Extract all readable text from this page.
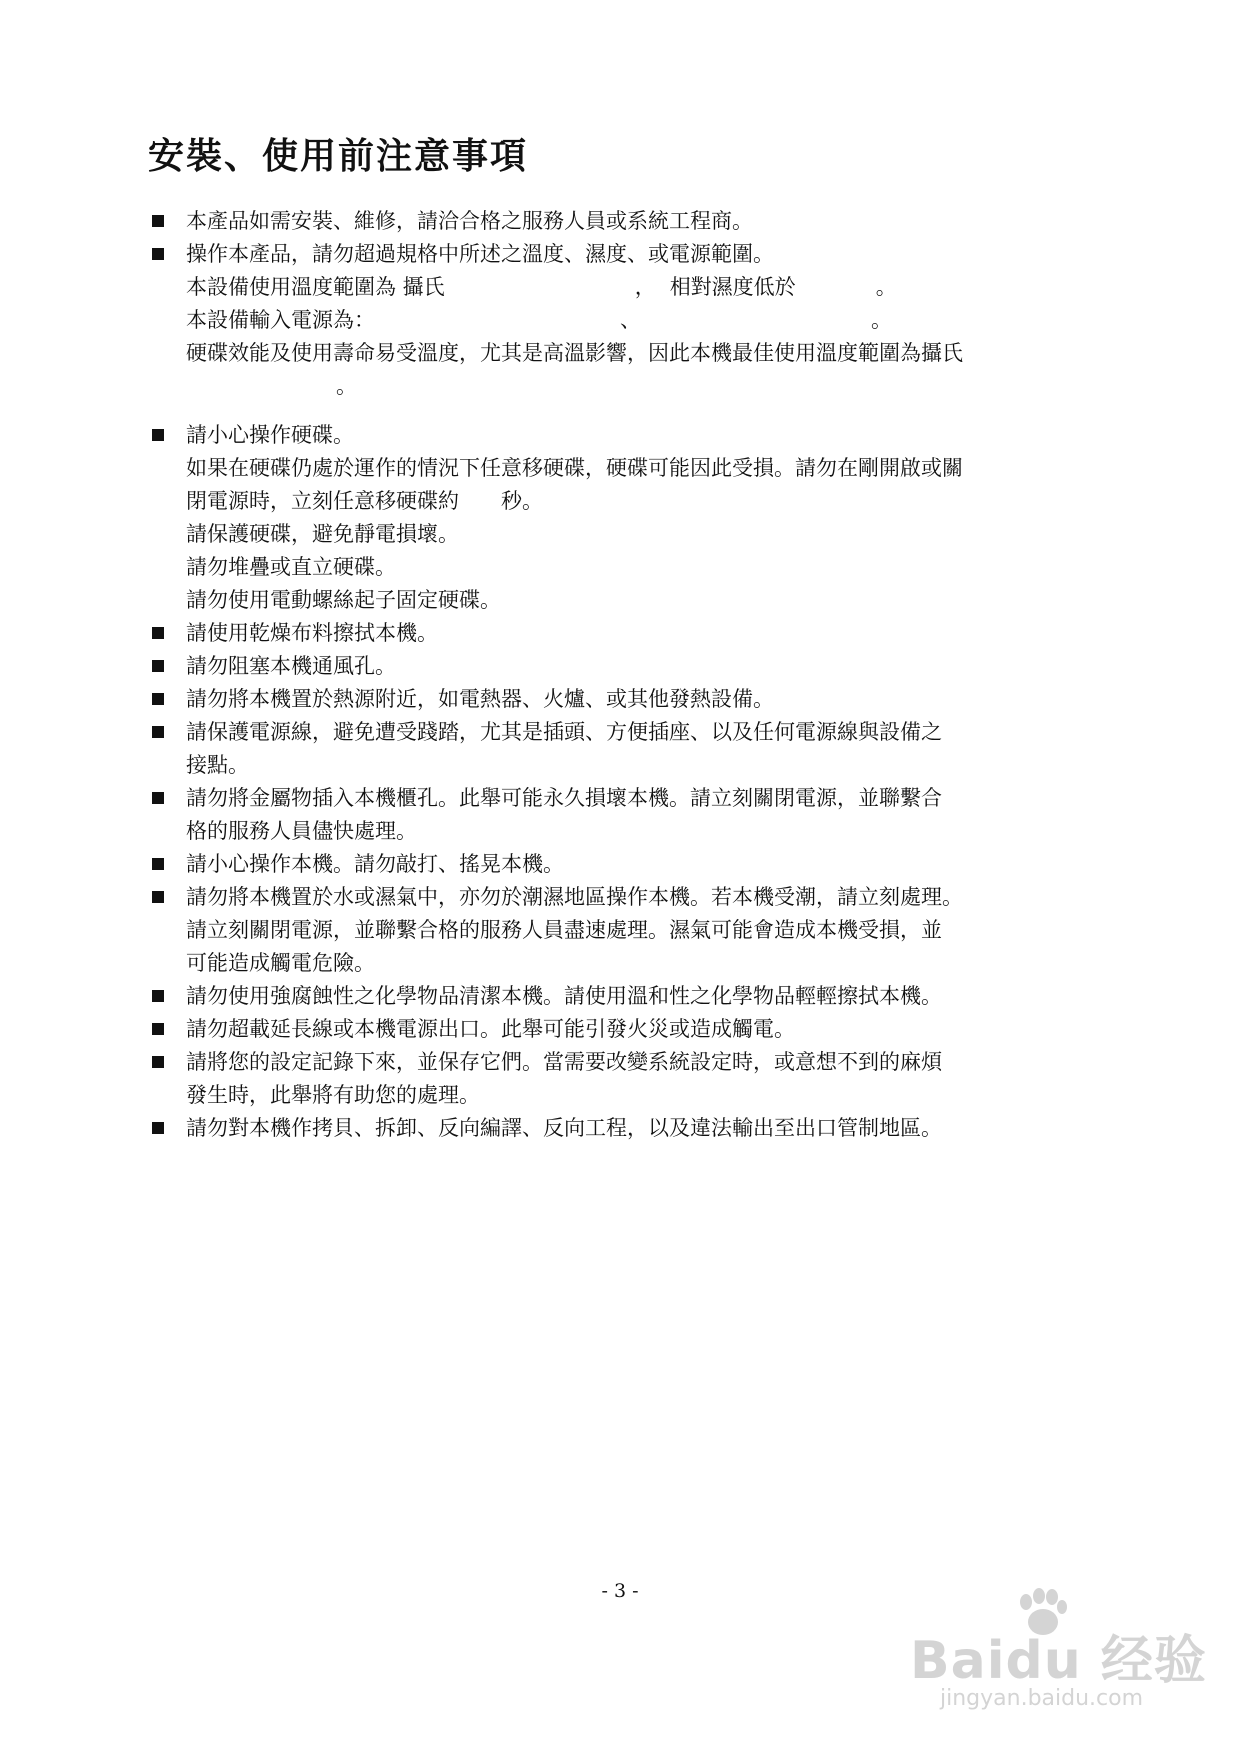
安裝、使用前注意事項
本產品如需安裝、維修，請洽合格之服務人員或系統工程商。
操作本產品，請勿超過規格中所述之溫度、濕度、或電源範圍。
本設備使用溫度範圍為 攝氏	， 相對濕度低於	。
本設備輸入電源為：	、	。
硬碟效能及使用壽命易受溫度，尤其是高溫影響，因此本機最佳使用溫度範圍為攝氏
。
請小心操作硬碟。
如果在硬碟仍處於運作的情況下任意移硬碟，硬碟可能因此受損。請勿在剛開啟或關
閉電源時，立刻任意移硬碟約　　秒。
請保護硬碟，避免靜電損壞。
請勿堆疊或直立硬碟。
請勿使用電動螺絲起子固定硬碟。
請使用乾燥布料擦拭本機。
請勿阻塞本機通風孔。
請勿將本機置於熱源附近，如電熱器、火爐、或其他發熱設備。
請保護電源線，避免遭受踐踏，尤其是插頭、方便插座、以及任何電源線與設備之
接點。
請勿將金屬物插入本機櫃孔。此舉可能永久損壞本機。請立刻關閉電源，並聯繫合
格的服務人員儘快處理。
請小心操作本機。請勿敲打、搖晃本機。
請勿將本機置於水或濕氣中，亦勿於潮濕地區操作本機。若本機受潮，請立刻處理。
請立刻關閉電源，並聯繫合格的服務人員盡速處理。濕氣可能會造成本機受損，並
可能造成觸電危險。
請勿使用強腐蝕性之化學物品清潔本機。請使用溫和性之化學物品輕輕擦拭本機。
請勿超載延長線或本機電源出口。此舉可能引發火災或造成觸電。
請將您的設定記錄下來，並保存它們。當需要改變系統設定時，或意想不到的麻煩
發生時，此舉將有助您的處理。
請勿對本機作拷貝、拆卸、反向編譯、反向工程，以及違法輸出至出口管制地區。
- 3 -
Baidu 经验
jingyan.baidu.com
